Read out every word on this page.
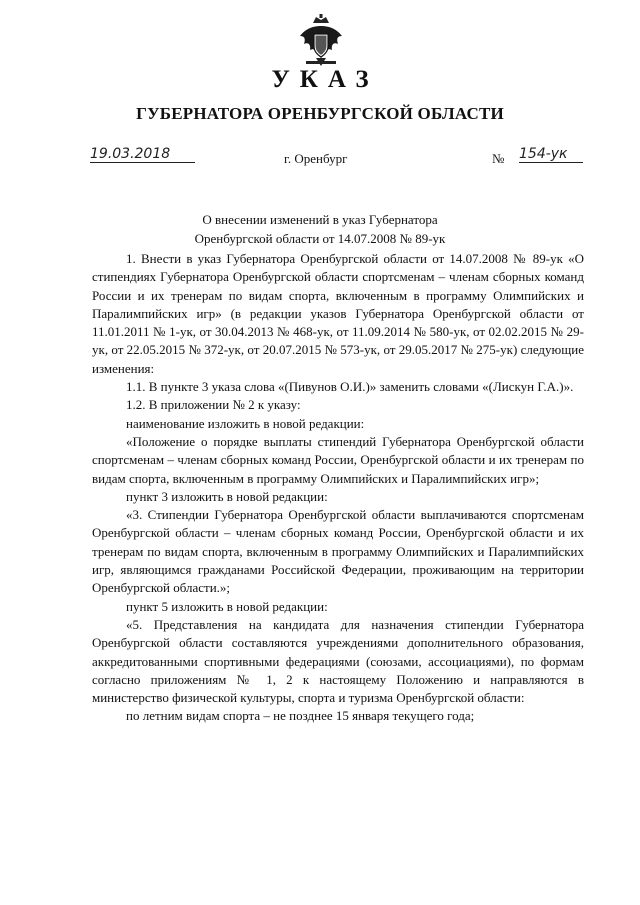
УКАЗ
ГУБЕРНАТОРА ОРЕНБУРГСКОЙ ОБЛАСТИ
19.03.2018	г. Оренбург	№ 154-ук
О внесении изменений в указ Губернатора
Оренбургской области от 14.07.2008 № 89-ук

1. Внести в указ Губернатора Оренбургской области от 14.07.2008 № 89-ук «О стипендиях Губернатора Оренбургской области спортсменам – членам сборных команд России и их тренерам по видам спорта, включенным в программу Олимпийских и Паралимпийских игр» (в редакции указов Губернатора Оренбургской области от 11.01.2011 № 1-ук, от 30.04.2013 № 468-ук, от 11.09.2014 № 580-ук, от 02.02.2015 № 29-ук, от 22.05.2015 № 372-ук, от 20.07.2015 № 573-ук, от 29.05.2017 № 275-ук) следующие изменения:

1.1. В пункте 3 указа слова «(Пивунов О.И.)» заменить словами «(Лискун Г.А.)».

1.2. В приложении № 2 к указу:

наименование изложить в новой редакции:

«Положение о порядке выплаты стипендий Губернатора Оренбургской области спортсменам – членам сборных команд России, Оренбургской области и их тренерам по видам спорта, включенным в программу Олимпийских и Паралимпийских игр»;

пункт 3 изложить в новой редакции:

«3. Стипендии Губернатора Оренбургской области выплачиваются спортсменам Оренбургской области – членам сборных команд России, Оренбургской области и их тренерам по видам спорта, включенным в программу Олимпийских и Паралимпийских игр, являющимся гражданами Российской Федерации, проживающим на территории Оренбургской области.»;

пункт 5 изложить в новой редакции:

«5. Представления на кандидата для назначения стипендии Губернатора Оренбургской области составляются учреждениями дополнительного образования, аккредитованными спортивными федерациями (союзами, ассоциациями), по формам согласно приложениям № 1, 2 к настоящему Положению и направляются в министерство физической культуры, спорта и туризма Оренбургской области:

по летним видам спорта – не позднее 15 января текущего года;
